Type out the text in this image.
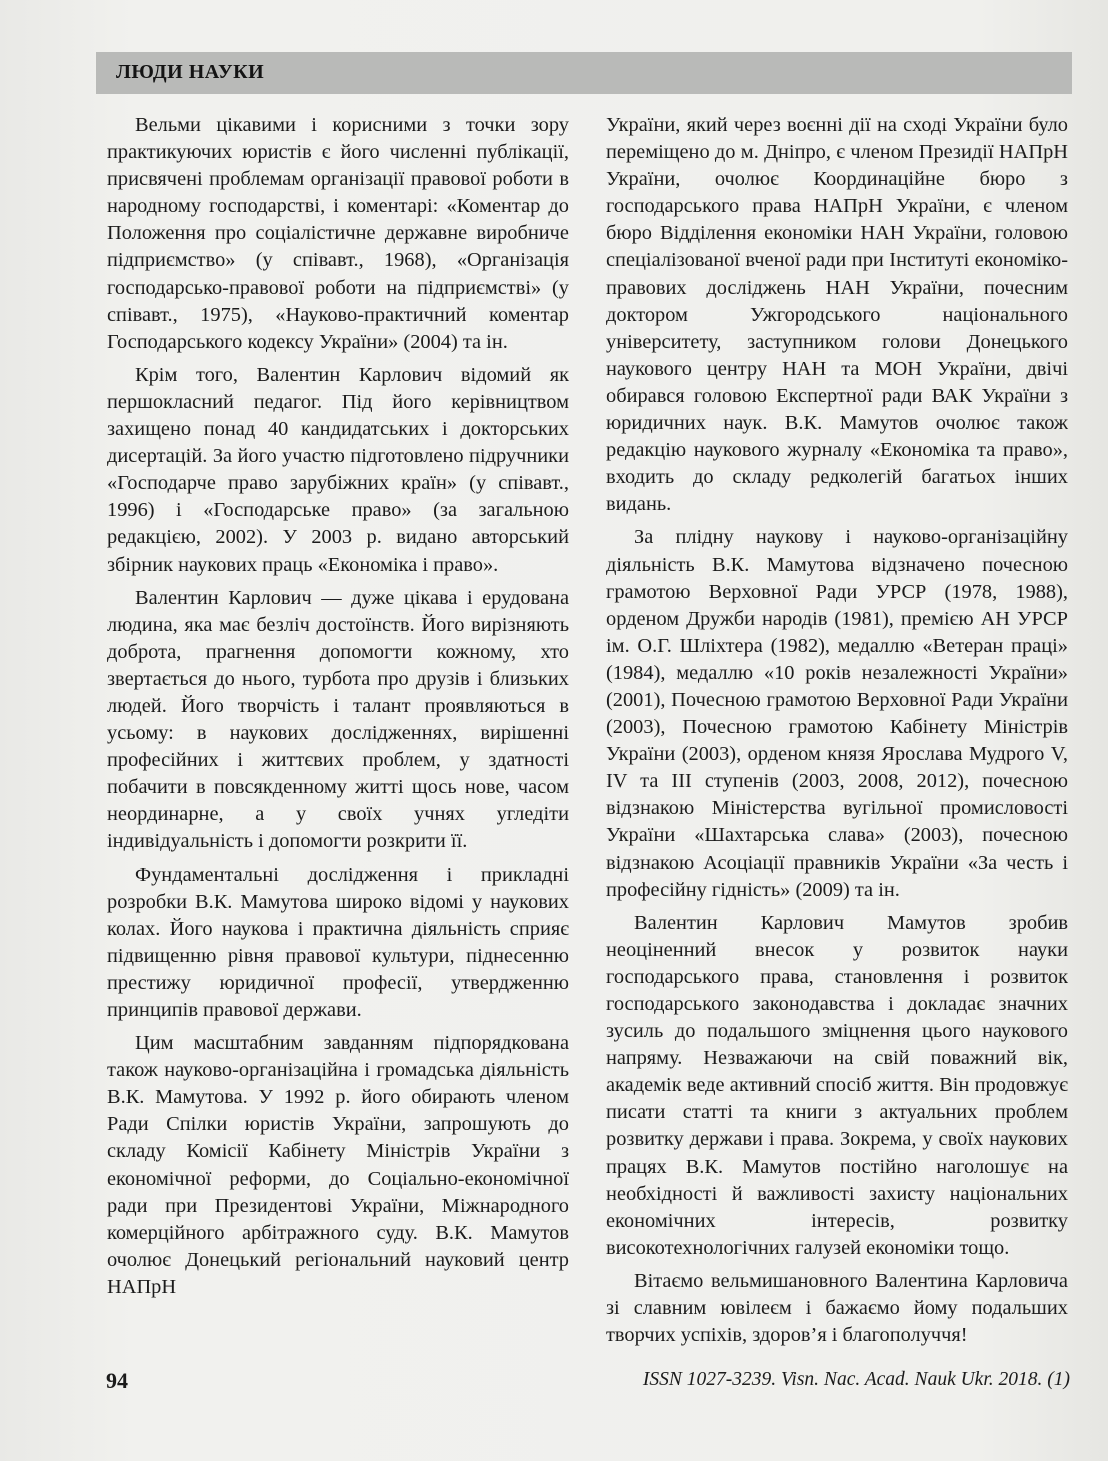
ЛЮДИ НАУКИ

Вельми цікавими і корисними з точки зору практикуючих юристів є його численні публікації, присвячені проблемам організації правової роботи в народному господарстві, і коментарі: «Коментар до Положення про соціалістичне державне виробниче підприємство» (у співавт., 1968), «Організація господарсько-правової роботи на підприємстві» (у співавт., 1975), «Науково-практичний коментар Господарського кодексу України» (2004) та ін.

Крім того, Валентин Карлович відомий як першокласний педагог. Під його керівництвом захищено понад 40 кандидатських і докторських дисертацій. За його участю підготовлено підручники «Господарче право зарубіжних країн» (у співавт., 1996) і «Господарське право» (за загальною редакцією, 2002). У 2003 р. видано авторський збірник наукових праць «Економіка і право».

Валентин Карлович — дуже цікава і ерудована людина, яка має безліч достоїнств. Його вирізняють доброта, прагнення допомогти кожному, хто звертається до нього, турбота про друзів і близьких людей. Його творчість і талант проявляються в усьому: в наукових дослідженнях, вирішенні професійних і життєвих проблем, у здатності побачити в повсякденному житті щось нове, часом неординарне, а у своїх учнях угледіти індивідуальність і допомогти розкрити її.

Фундаментальні дослідження і прикладні розробки В.К. Мамутова широко відомі у наукових колах. Його наукова і практична діяльність сприяє підвищенню рівня правової культури, піднесенню престижу юридичної професії, утвердженню принципів правової держави.

Цим масштабним завданням підпорядкована також науково-організаційна і громадська діяльність В.К. Мамутова. У 1992 р. його обирають членом Ради Спілки юристів України, запрошують до складу Комісії Кабінету Міністрів України з економічної реформи, до Соціально-економічної ради при Президентові України, Міжнародного комерційного арбітражного суду. В.К. Мамутов очолює Донецький регіональний науковий центр НАПрН

України, який через воєнні дії на сході України було переміщено до м. Дніпро, є членом Президії НАПрН України, очолює Координаційне бюро з господарського права НАПрН України, є членом бюро Відділення економіки НАН України, головою спеціалізованої вченої ради при Інституті економіко-правових досліджень НАН України, почесним доктором Ужгородського національного університету, заступником голови Донецького наукового центру НАН та МОН України, двічі обирався головою Експертної ради ВАК України з юридичних наук. В.К. Мамутов очолює також редакцію наукового журналу «Економіка та право», входить до складу редколегій багатьох інших видань.

За плідну наукову і науково-організаційну діяльність В.К. Мамутова відзначено почесною грамотою Верховної Ради УРСР (1978, 1988), орденом Дружби народів (1981), премією АН УРСР ім. О.Г. Шліхтера (1982), медаллю «Ветеран праці» (1984), медаллю «10 років незалежності України» (2001), Почесною грамотою Верховної Ради України (2003), Почесною грамотою Кабінету Міністрів України (2003), орденом князя Ярослава Мудрого V, IV та III ступенів (2003, 2008, 2012), почесною відзнакою Міністерства вугільної промисловості України «Шахтарська слава» (2003), почесною відзнакою Асоціації правників України «За честь і професійну гідність» (2009) та ін.

Валентин Карлович Мамутов зробив неоціненний внесок у розвиток науки господарського права, становлення і розвиток господарського законодавства і докладає значних зусиль до подальшого зміцнення цього наукового напряму. Незважаючи на свій поважний вік, академік веде активний спосіб життя. Він продовжує писати статті та книги з актуальних проблем розвитку держави і права. Зокрема, у своїх наукових працях В.К. Мамутов постійно наголошує на необхідності й важливості захисту національних економічних інтересів, розвитку високотехнологічних галузей економіки тощо.

Вітаємо вельмишановного Валентина Карловича зі славним ювілеєм і бажаємо йому подальших творчих успіхів, здоров’я і благополуччя!

94	ISSN 1027-3239. Visn. Nac. Acad. Nauk Ukr. 2018. (1)
